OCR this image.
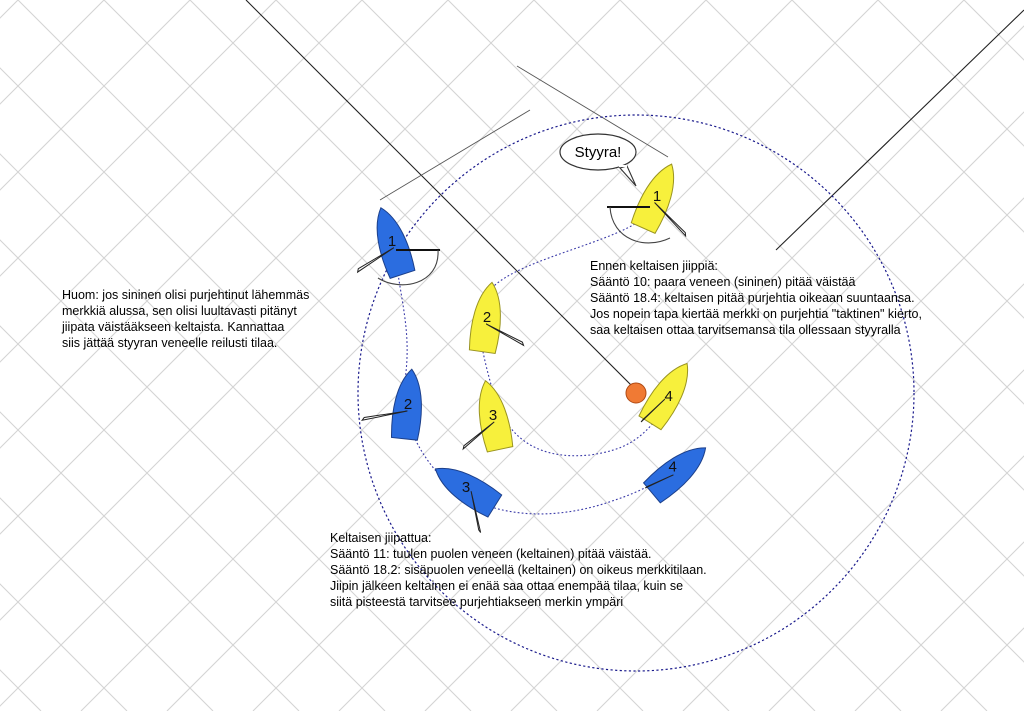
1
2
3
4
1
2
3
4
Styyra!
Huom: jos sininen olisi purjehtinut lähemmäs
merkkiä alussa, sen olisi luultavasti pitänyt
jiipata väistääkseen keltaista. Kannattaa
siis jättää styyran veneelle reilusti tilaa.
Ennen keltaisen jiippiä:
Sääntö 10: paara veneen (sininen) pitää väistää
Sääntö 18.4: keltaisen pitää purjehtia oikeaan suuntaansa.
Jos nopein tapa kiertää merkki on purjehtia "taktinen" kierto,
saa keltaisen ottaa tarvitsemansa tila ollessaan styyralla
Keltaisen jiipattua:
Sääntö 11: tuulen puolen veneen (keltainen) pitää väistää.
Sääntö 18.2: sisäpuolen veneellä (keltainen) on oikeus merkkitilaan.
Jiipin jälkeen keltainen ei enää saa ottaa enempää tilaa, kuin se
siitä pisteestä tarvitsee purjehtiakseen merkin ympäri
